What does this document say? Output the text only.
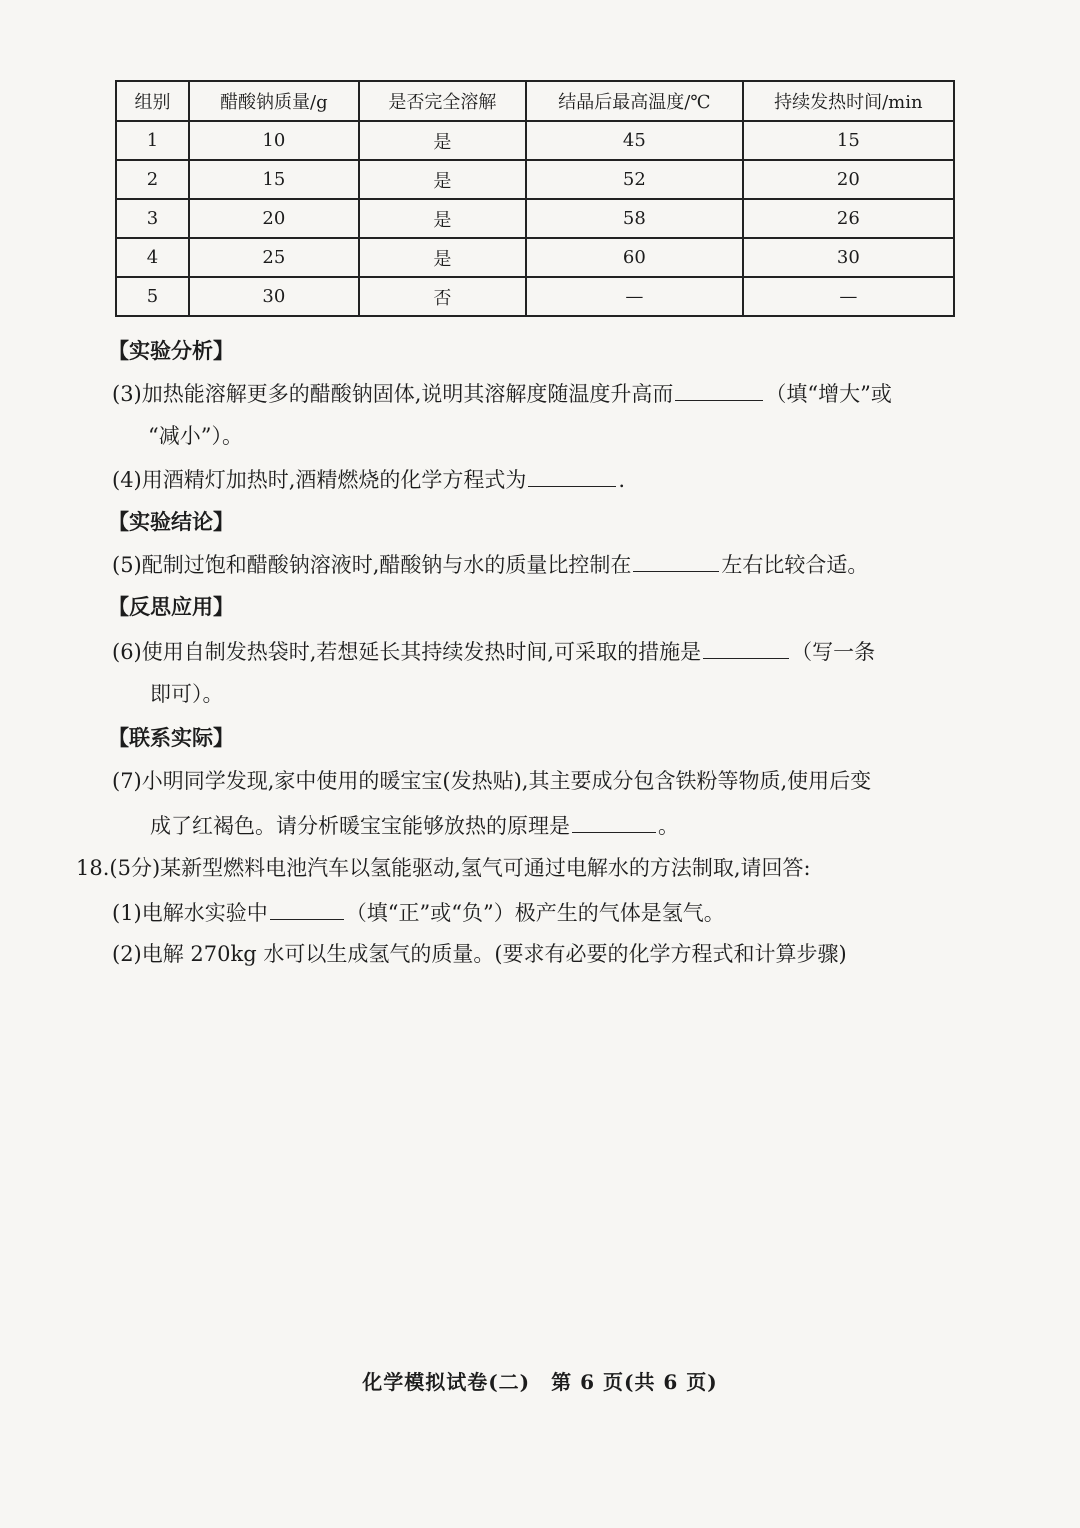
组别	醋酸钠质量/g	是否完全溶解	结晶后最高温度/℃	持续发热时间/min
1	10	是	45	15
2	15	是	52	20
3	20	是	58	26
4	25	是	60	30
5	30	否	—	—
【实验分析】
(3)加热能溶解更多的醋酸钠固体,说明其溶解度随温度升高而	（填“增大”或
“减小”）。
(4)用酒精灯加热时,酒精燃烧的化学方程式为	.
【实验结论】
(5)配制过饱和醋酸钠溶液时,醋酸钠与水的质量比控制在	左右比较合适。
【反思应用】
(6)使用自制发热袋时,若想延长其持续发热时间,可采取的措施是	（写一条
即可）。
【联系实际】
(7)小明同学发现,家中使用的暖宝宝(发热贴),其主要成分包含铁粉等物质,使用后变
成了红褐色。请分析暖宝宝能够放热的原理是	。
18.(5分)某新型燃料电池汽车以氢能驱动,氢气可通过电解水的方法制取,请回答:
(1)电解水实验中	（填“正”或“负”）极产生的气体是氢气。
(2)电解 270kg 水可以生成氢气的质量。(要求有必要的化学方程式和计算步骤)
化学模拟试卷(二)　第 6 页(共 6 页)
